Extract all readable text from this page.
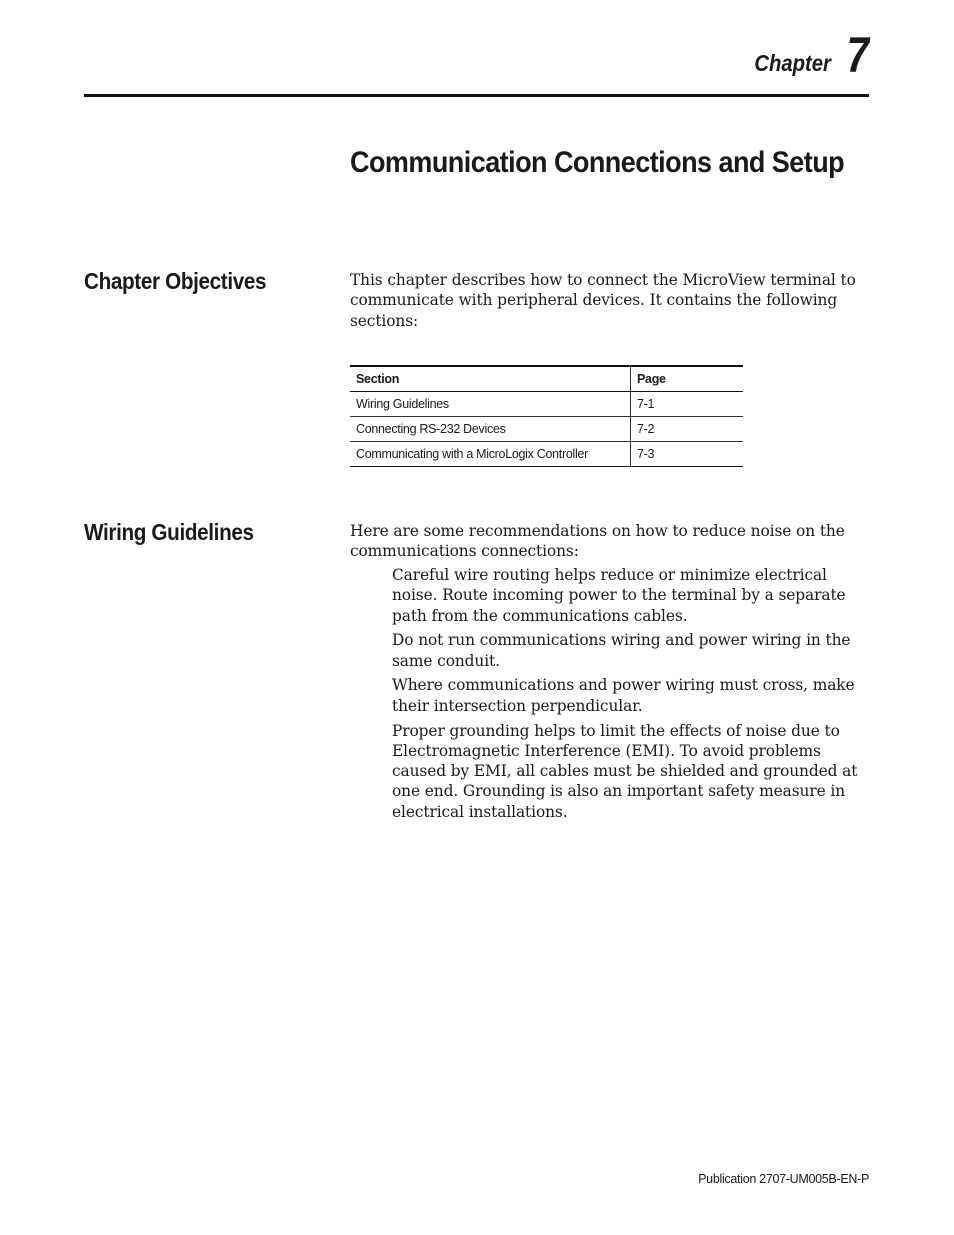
Chapter 7
Communication Connections and Setup
Chapter Objectives	This chapter describes how to connect the MicroView terminal to communicate with peripheral devices. It contains the following sections:

Section	Page
Wiring Guidelines	7-1
Connecting RS-232 Devices	7-2
Communicating with a MicroLogix Controller	7-3
Wiring Guidelines	Here are some recommendations on how to reduce noise on the communications connections:

Careful wire routing helps reduce or minimize electrical noise. Route incoming power to the terminal by a separate path from the communications cables.
Do not run communications wiring and power wiring in the same conduit.
Where communications and power wiring must cross, make their intersection perpendicular.
Proper grounding helps to limit the effects of noise due to Electromagnetic Interference (EMI). To avoid problems caused by EMI, all cables must be shielded and grounded at one end. Grounding is also an important safety measure in electrical installations.
Publication 2707-UM005B-EN-P
